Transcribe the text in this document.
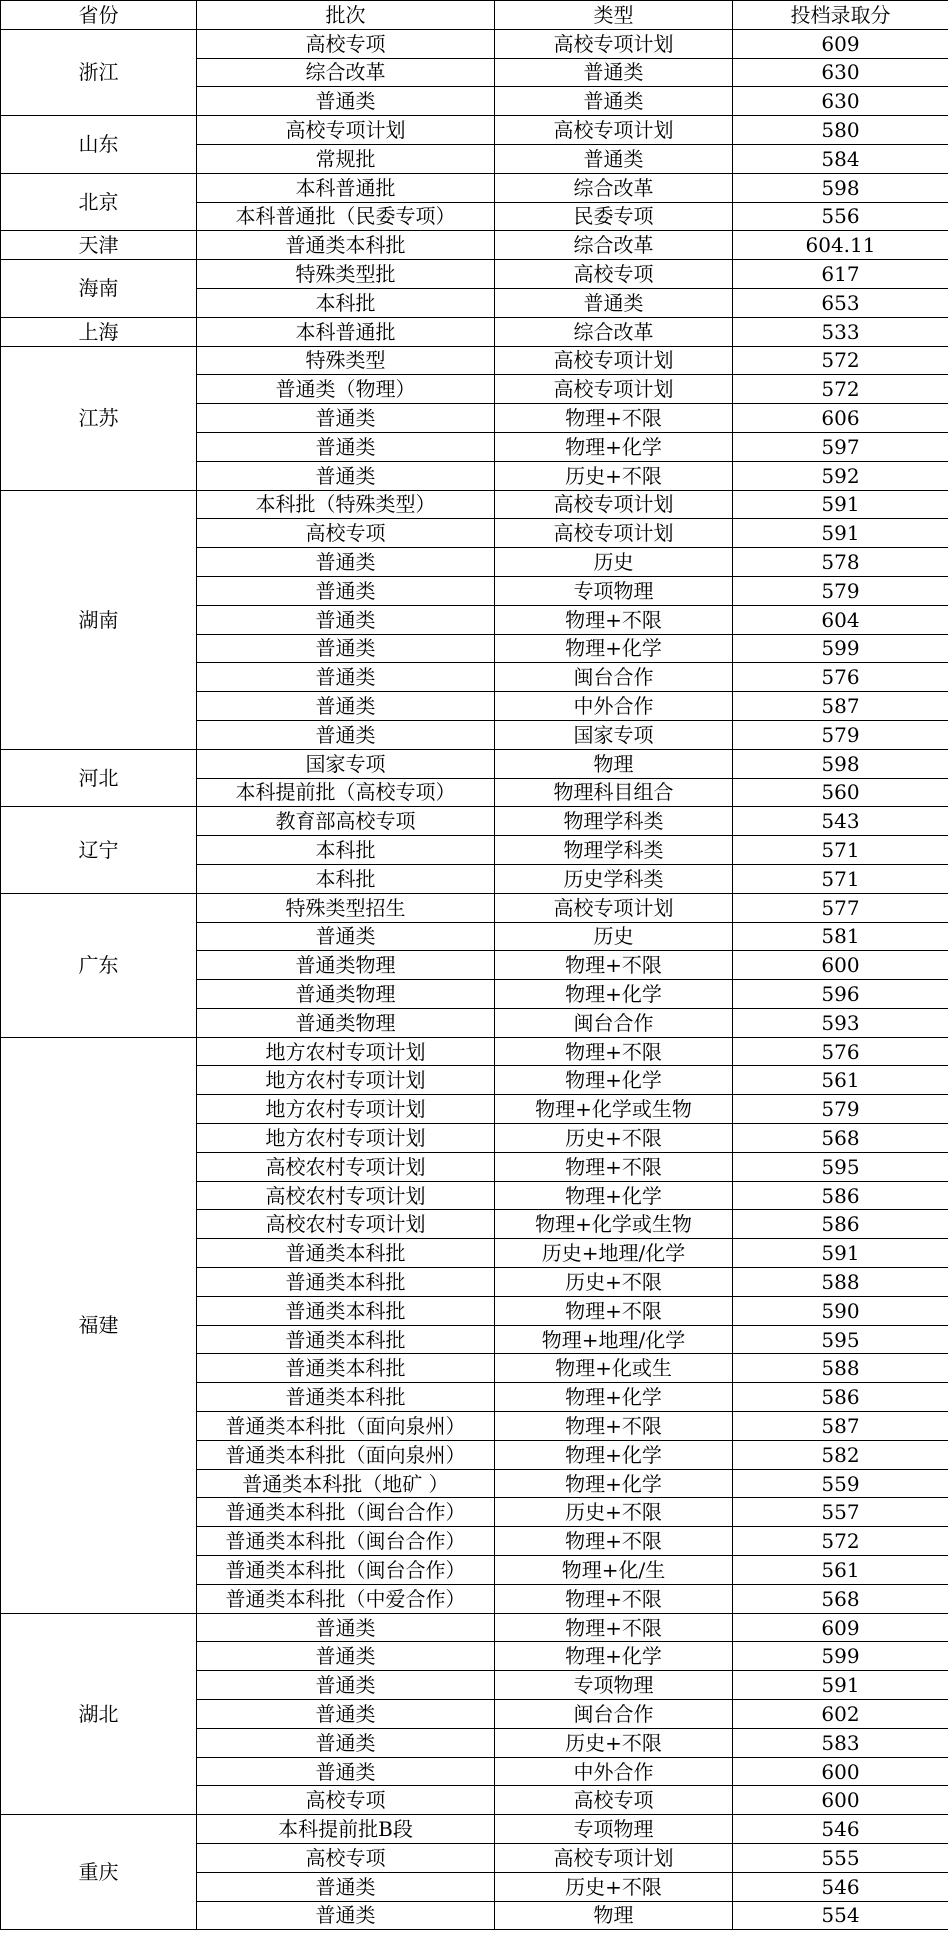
省份	批次	类型	投档录取分
浙江	高校专项	高校专项计划	609
	综合改革	普通类	630
	普通类	普通类	630
山东	高校专项计划	高校专项计划	580
	常规批	普通类	584
北京	本科普通批	综合改革	598
	本科普通批（民委专项）	民委专项	556
天津	普通类本科批	综合改革	604.11
海南	特殊类型批	高校专项	617
	本科批	普通类	653
上海	本科普通批	综合改革	533
江苏	特殊类型	高校专项计划	572
	普通类（物理）	高校专项计划	572
	普通类	物理+不限	606
	普通类	物理+化学	597
	普通类	历史+不限	592
湖南	本科批（特殊类型）	高校专项计划	591
	高校专项	高校专项计划	591
	普通类	历史	578
	普通类	专项物理	579
	普通类	物理+不限	604
	普通类	物理+化学	599
	普通类	闽台合作	576
	普通类	中外合作	587
	普通类	国家专项	579
河北	国家专项	物理	598
	本科提前批（高校专项）	物理科目组合	560
辽宁	教育部高校专项	物理学科类	543
	本科批	物理学科类	571
	本科批	历史学科类	571
广东	特殊类型招生	高校专项计划	577
	普通类	历史	581
	普通类物理	物理+不限	600
	普通类物理	物理+化学	596
	普通类物理	闽台合作	593
福建	地方农村专项计划	物理+不限	576
	地方农村专项计划	物理+化学	561
	地方农村专项计划	物理+化学或生物	579
	地方农村专项计划	历史+不限	568
	高校农村专项计划	物理+不限	595
	高校农村专项计划	物理+化学	586
	高校农村专项计划	物理+化学或生物	586
	普通类本科批	历史+地理/化学	591
	普通类本科批	历史+不限	588
	普通类本科批	物理+不限	590
	普通类本科批	物理+地理/化学	595
	普通类本科批	物理+化或生	588
	普通类本科批	物理+化学	586
	普通类本科批（面向泉州）	物理+不限	587
	普通类本科批（面向泉州）	物理+化学	582
	普通类本科批（地矿 ）	物理+化学	559
	普通类本科批（闽台合作）	历史+不限	557
	普通类本科批（闽台合作）	物理+不限	572
	普通类本科批（闽台合作）	物理+化/生	561
	普通类本科批（中爱合作）	物理+不限	568
湖北	普通类	物理+不限	609
	普通类	物理+化学	599
	普通类	专项物理	591
	普通类	闽台合作	602
	普通类	历史+不限	583
	普通类	中外合作	600
	高校专项	高校专项	600
重庆	本科提前批B段	专项物理	546
	高校专项	高校专项计划	555
	普通类	历史+不限	546
	普通类	物理	554
